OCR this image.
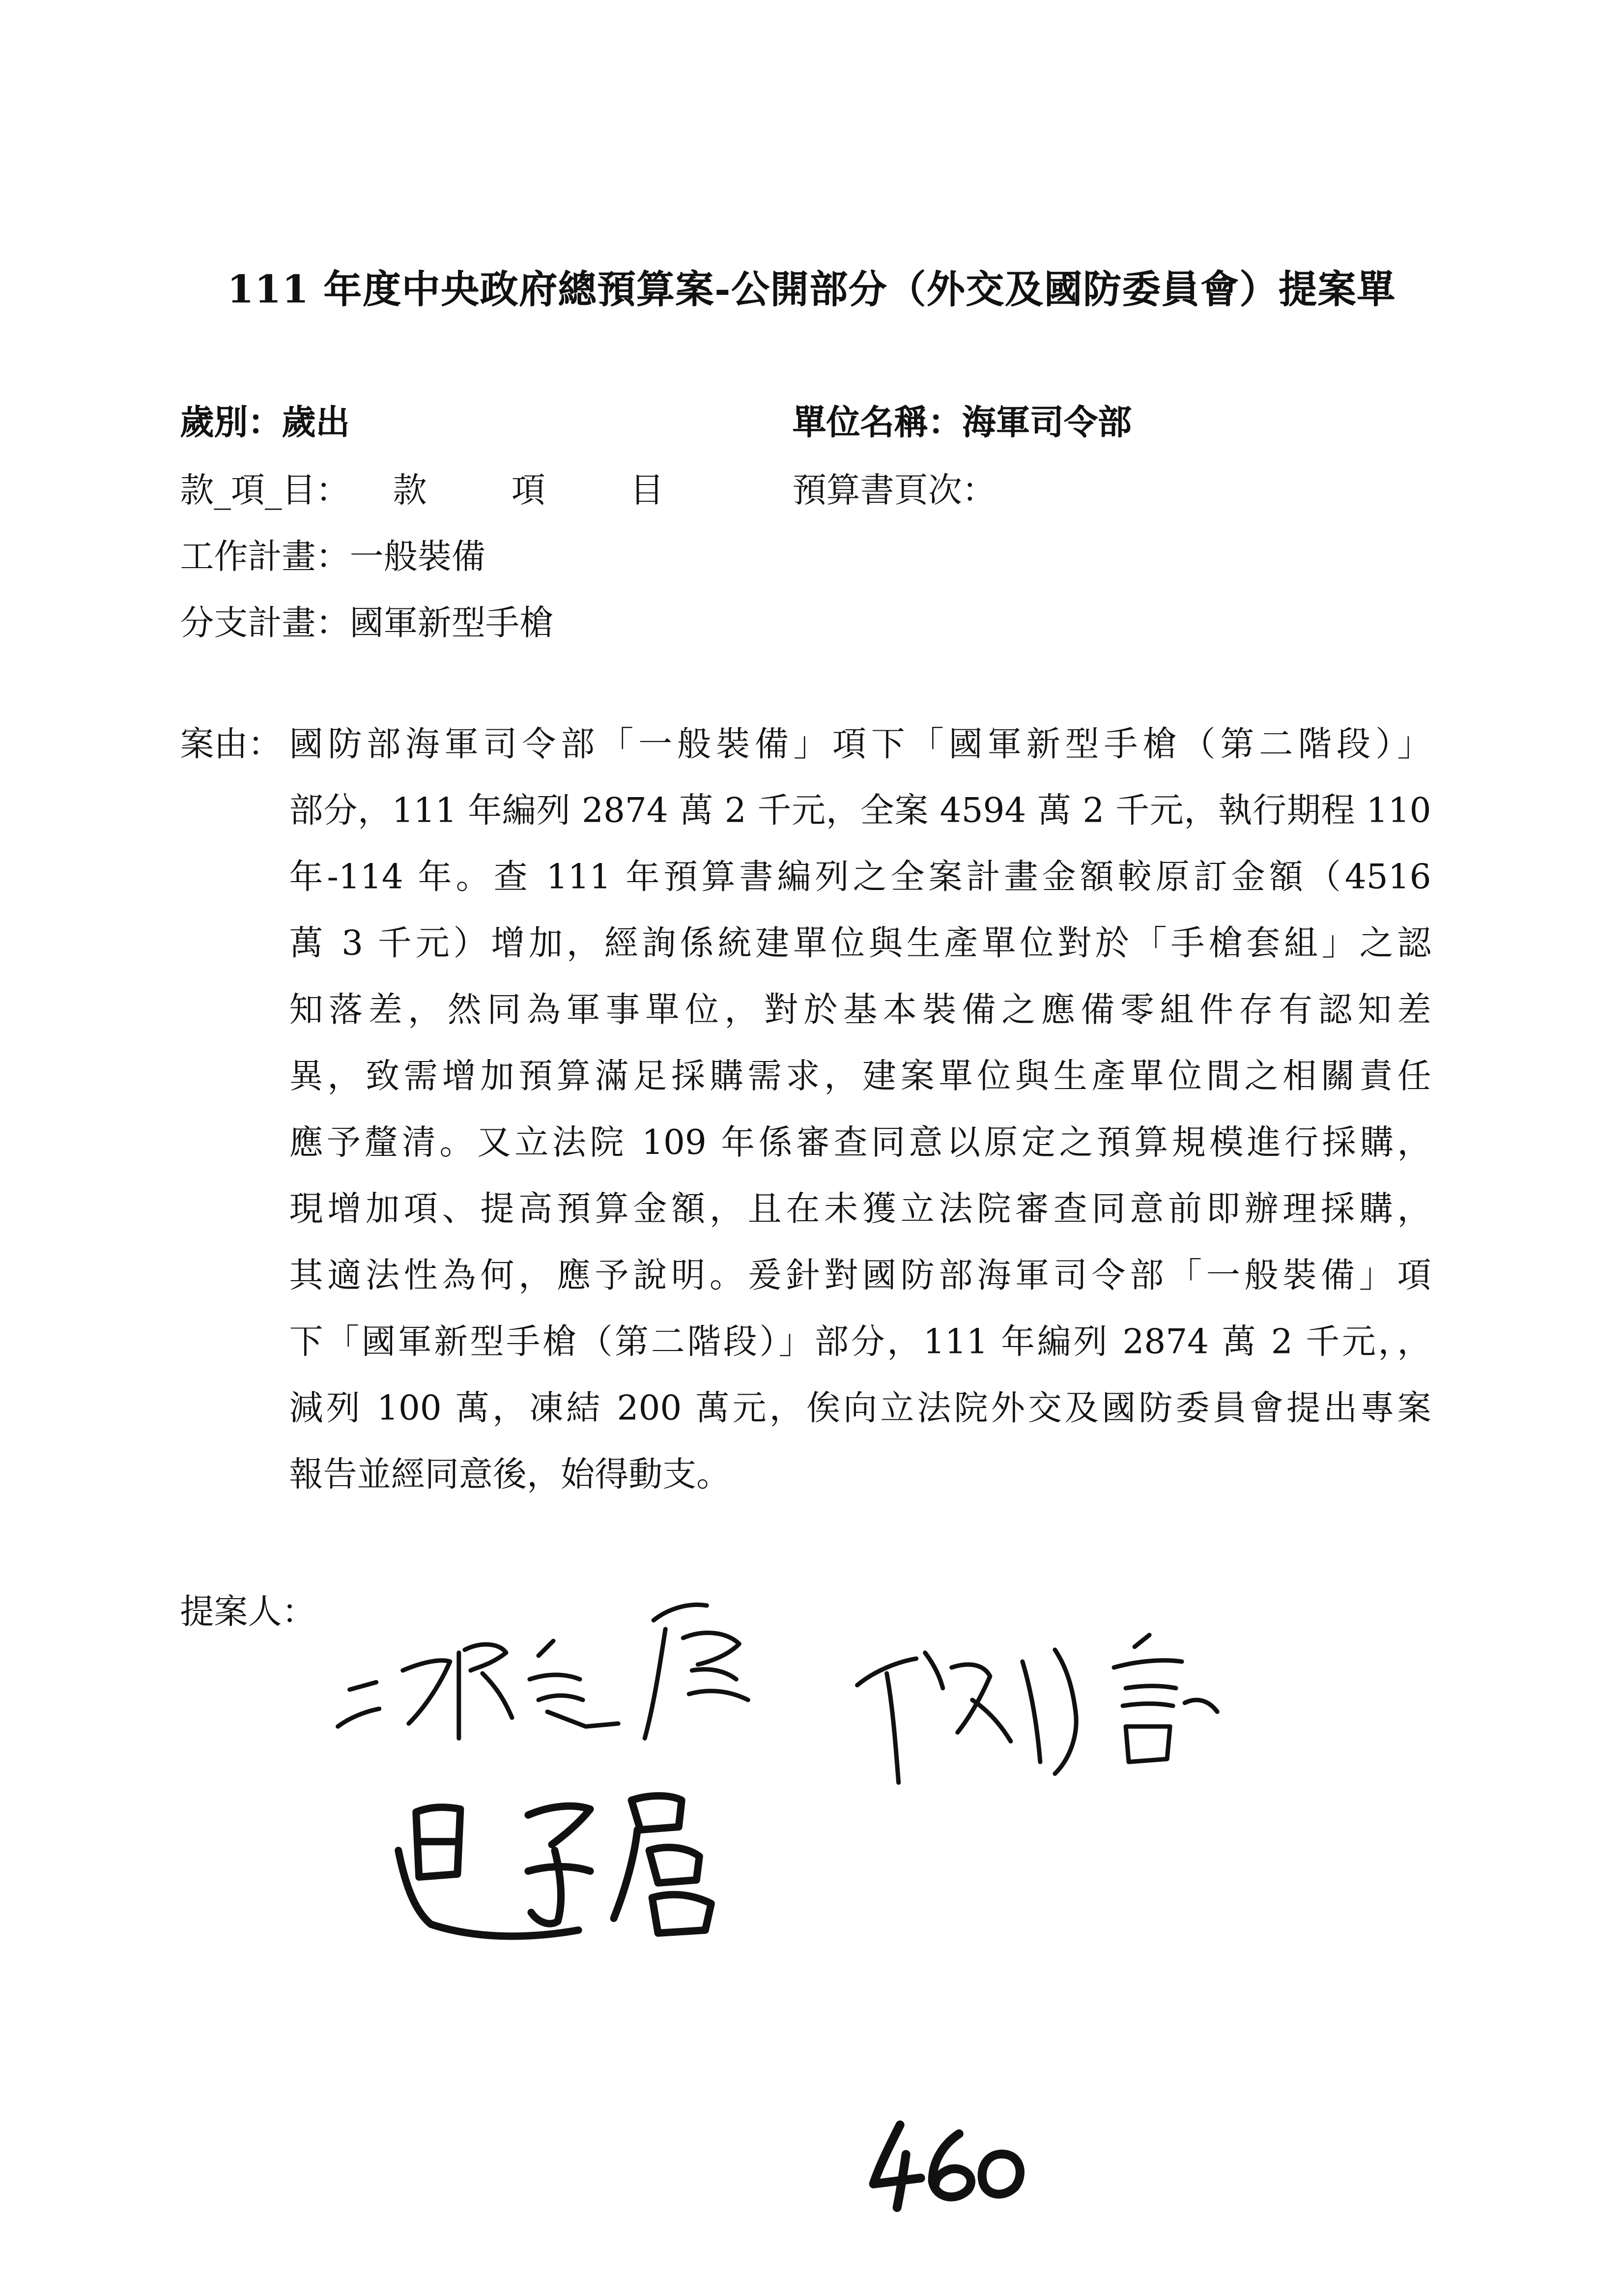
111 年度中央政府總預算案-公開部分（外交及國防委員會）提案單
歲別：歲出	單位名稱：海軍司令部
款_項_目：	款	項	目	預算書頁次：
工作計畫：一般裝備
分支計畫：國軍新型手槍
案由： 國防部海軍司令部「一般裝備」項下「國軍新型手槍（第二階段）」
部分，111 年編列 2874 萬 2 千元，全案 4594 萬 2 千元，執行期程 110
年-114 年。查 111 年預算書編列之全案計畫金額較原訂金額（4516
萬 3 千元）增加，經詢係統建單位與生產單位對於「手槍套組」之認
知落差，然同為軍事單位，對於基本裝備之應備零組件存有認知差
異，致需增加預算滿足採購需求，建案單位與生產單位間之相關責任
應予釐清。又立法院 109 年係審查同意以原定之預算規模進行採購，
現增加項、提高預算金額，且在未獲立法院審查同意前即辦理採購，
其適法性為何，應予說明。爰針對國防部海軍司令部「一般裝備」項
下「國軍新型手槍（第二階段）」部分，111 年編列 2874 萬 2 千元，，
減列 100 萬，凍結 200 萬元，俟向立法院外交及國防委員會提出專案
報告並經同意後，始得動支。
提案人：
